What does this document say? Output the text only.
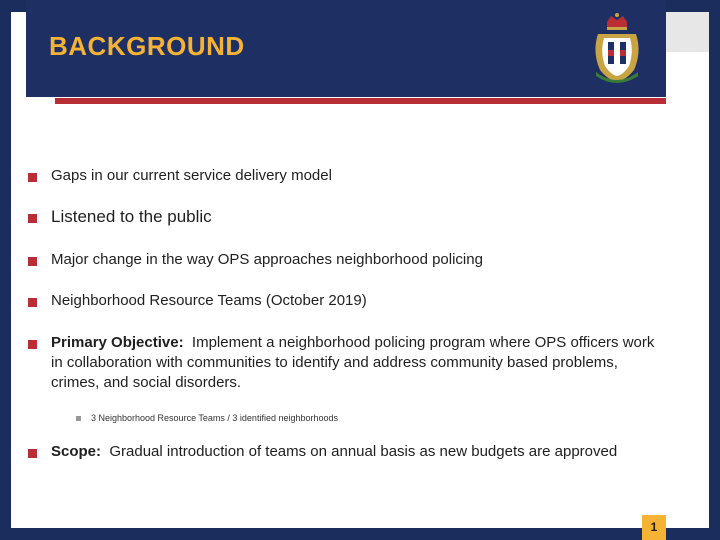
BACKGROUND
Gaps in our current service delivery model
Listened to the public
Major change in the way OPS approaches neighborhood policing
Neighborhood Resource Teams (October 2019)
Primary Objective: Implement a neighborhood policing program where OPS officers work in collaboration with communities to identify and address community based problems, crimes, and social disorders.
3 Neighborhood Resource Teams / 3 identified neighborhoods
Scope: Gradual introduction of teams on annual basis as new budgets are approved
1
